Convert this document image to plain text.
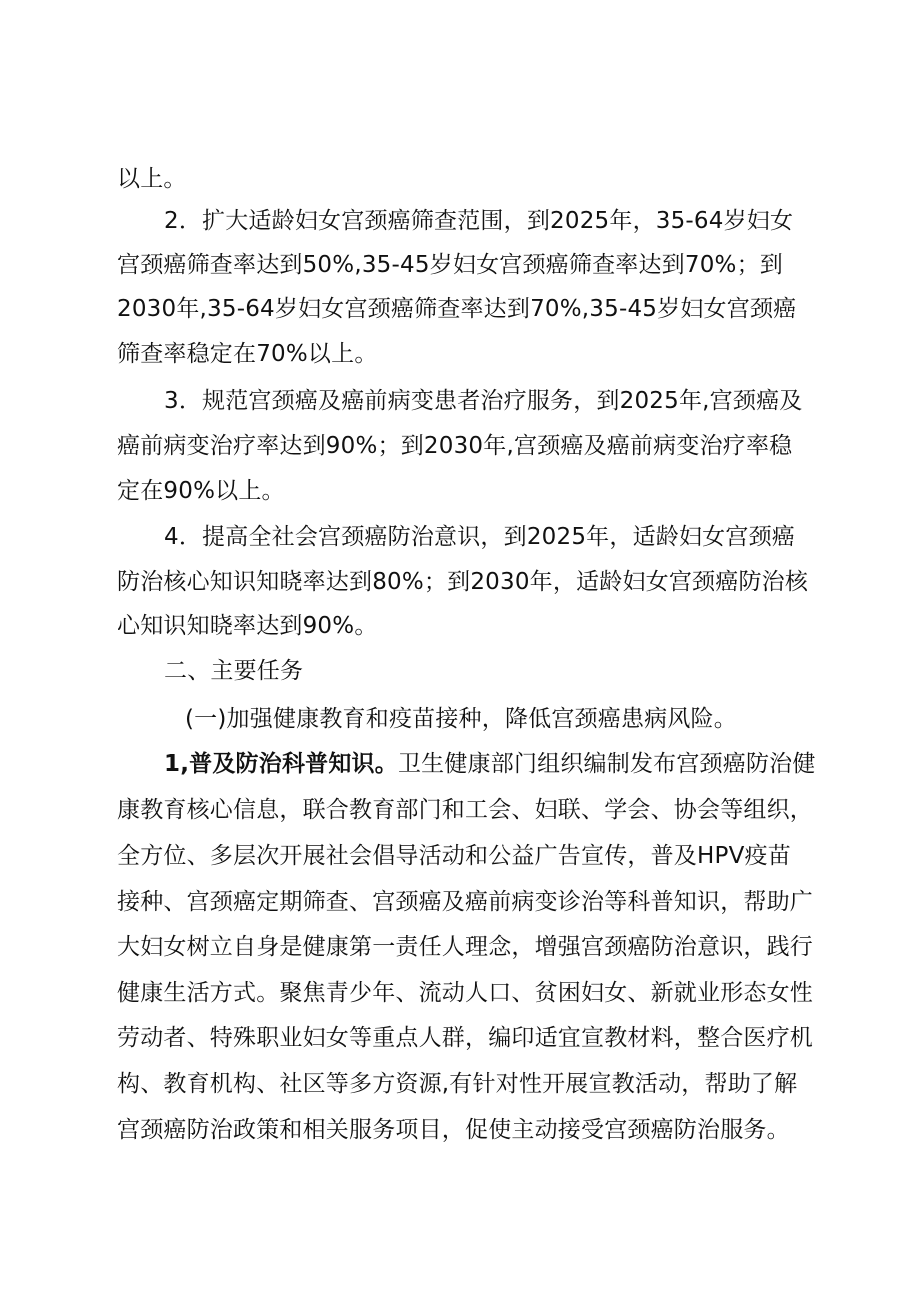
以上。
2．扩大适龄妇女宫颈癌筛查范围，到2025年，35-64岁妇女
宫颈癌筛查率达到50%,35-45岁妇女宫颈癌筛查率达到70%；到
2030年,35-64岁妇女宫颈癌筛查率达到70%,35-45岁妇女宫颈癌
筛查率稳定在70%以上。
3．规范宫颈癌及癌前病变患者治疗服务，到2025年,宫颈癌及
癌前病变治疗率达到90%；到2030年,宫颈癌及癌前病变治疗率稳
定在90%以上。
4．提高全社会宫颈癌防治意识，到2025年，适龄妇女宫颈癌
防治核心知识知晓率达到80%；到2030年，适龄妇女宫颈癌防治核
心知识知晓率达到90%。
二、主要任务
(一)加强健康教育和疫苗接种，降低宫颈癌患病风险。
1,普及防治科普知识。卫生健康部门组织编制发布宫颈癌防治健
康教育核心信息，联合教育部门和工会、妇联、学会、协会等组织，
全方位、多层次开展社会倡导活动和公益广告宣传，普及HPV疫苗
接种、宫颈癌定期筛查、宫颈癌及癌前病变诊治等科普知识，帮助广
大妇女树立自身是健康第一责任人理念，增强宫颈癌防治意识，践行
健康生活方式。聚焦青少年、流动人口、贫困妇女、新就业形态女性
劳动者、特殊职业妇女等重点人群，编印适宜宣教材料，整合医疗机
构、教育机构、社区等多方资源,有针对性开展宣教活动，帮助了解
宫颈癌防治政策和相关服务项目，促使主动接受宫颈癌防治服务。
